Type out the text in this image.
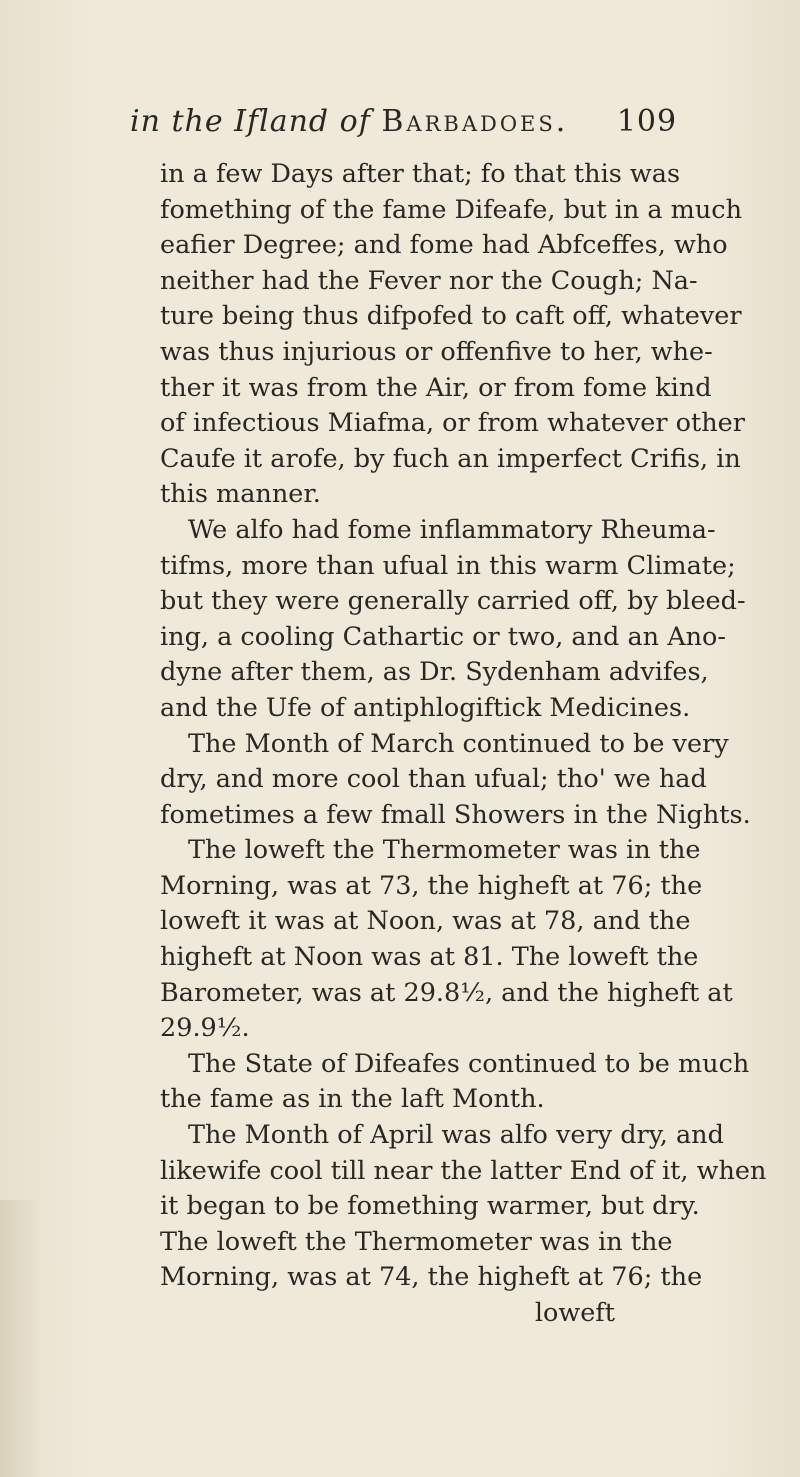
in the Ifland of Barbadoes. 109
in a few Days after that; fo that this was
fomething of the fame Difeafe, but in a much
eafier Degree; and fome had Abfceffes, who
neither had the Fever nor the Cough; Na-
ture being thus difpofed to caft off, whatever
was thus injurious or offenfive to her, whe-
ther it was from the Air, or from fome kind
of infectious Miafma, or from whatever other
Caufe it arofe, by fuch an imperfect Crifis, in
this manner.
We alfo had fome inflammatory Rheuma-
tifms, more than ufual in this warm Climate;
but they were generally carried off, by bleed-
ing, a cooling Cathartic or two, and an Ano-
dyne after them, as Dr. Sydenham advifes,
and the Ufe of antiphlogiftick Medicines.
The Month of March continued to be very
dry, and more cool than ufual; tho' we had
fometimes a few fmall Showers in the Nights.
The loweft the Thermometer was in the
Morning, was at 73, the higheft at 76; the
loweft it was at Noon, was at 78, and the
higheft at Noon was at 81. The loweft the
Barometer, was at 29.8½, and the higheft at
29.9½.
The State of Difeafes continued to be much
the fame as in the laft Month.
The Month of April was alfo very dry, and
likewife cool till near the latter End of it, when
it began to be fomething warmer, but dry.
The loweft the Thermometer was in the
Morning, was at 74, the higheft at 76; the
loweft
